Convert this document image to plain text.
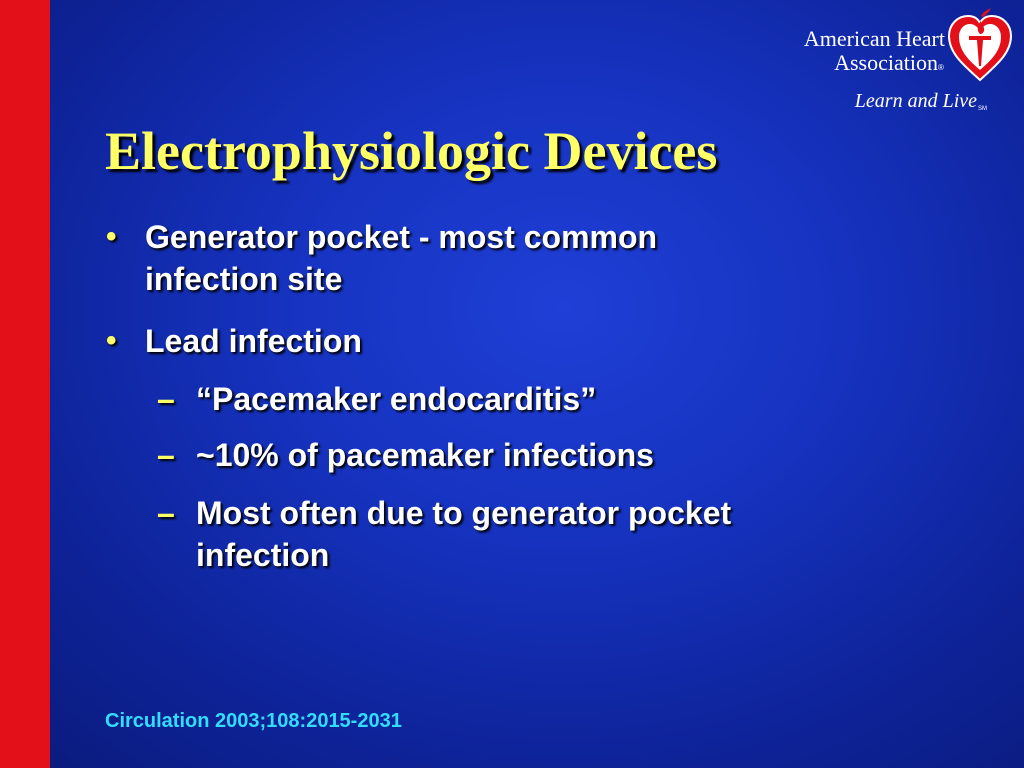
American Heart
Association ®
Learn and Live SM
Electrophysiologic Devices
• Generator pocket - most common
infection site
• Lead infection
– “Pacemaker endocarditis”
– ~10% of pacemaker infections
– Most often due to generator pocket
infection
Circulation 2003;108:2015-2031
